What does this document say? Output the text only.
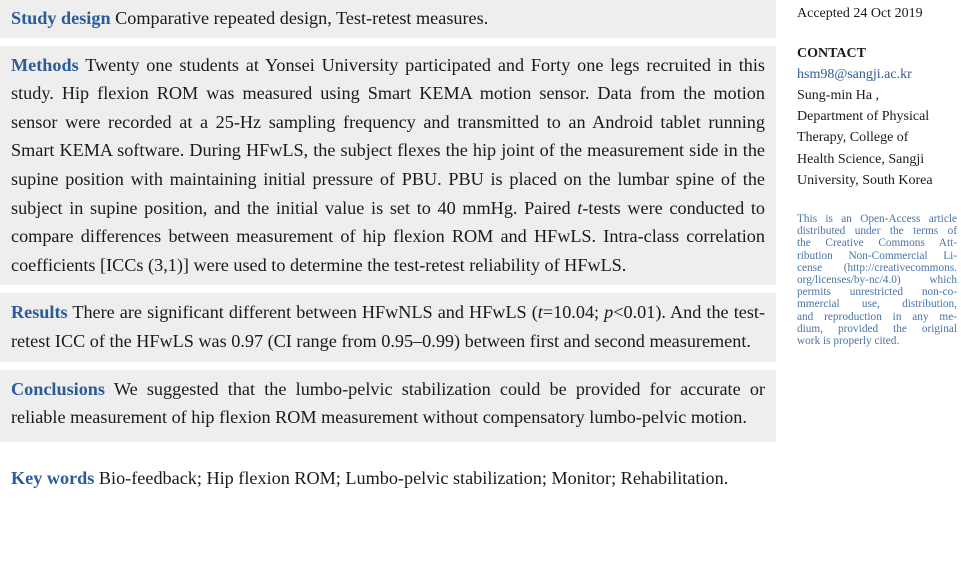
Study design Comparative repeated design, Test-retest measures.

Methods Twenty one students at Yonsei University participated and Forty one legs recruited in this study. Hip flexion ROM was measured using Smart KEMA motion sensor. Data from the motion sensor were recorded at a 25-Hz sampling frequency and transmitted to an Android tablet running Smart KEMA software. During HFwLS, the subject flexes the hip joint of the measurement side in the supine position with maintaining initial pressure of PBU. PBU is placed on the lumbar spine of the subject in supine position, and the initial value is set to 40 mmHg. Paired t-tests were conducted to compare differences between measurement of hip flexion ROM and HFwLS. Intra-class correlation coefficients [ICCs (3,1)] were used to determine the test-retest reliability of HFwLS.

Results There are significant different between HFwNLS and HFwLS (t=10.04; p<0.01). And the test-retest ICC of the HFwLS was 0.97 (CI range from 0.95–0.99) between first and second measurement.

Conclusions We suggested that the lumbo-pelvic stabilization could be provided for accurate or reliable measurement of hip flexion ROM measurement without compensatory lumbo-pelvic motion.

Key words Bio-feedback; Hip flexion ROM; Lumbo-pelvic stabilization; Monitor; Rehabilitation.
Accepted 24 Oct 2019
CONTACT
hsm98@sangji.ac.kr
Sung-min Ha ,
Department of Physical
Therapy, College of
Health Science, Sangji
University, South Korea
This is an Open-Access article
distributed under the terms of
the Creative Commons Att-
ribution Non-Commercial Li-
cense (http://creativecommons.
org/licenses/by-nc/4.0) which
permits unrestricted non-co-
mmercial use, distribution,
and reproduction in any me-
dium, provided the original
work is properly cited.
